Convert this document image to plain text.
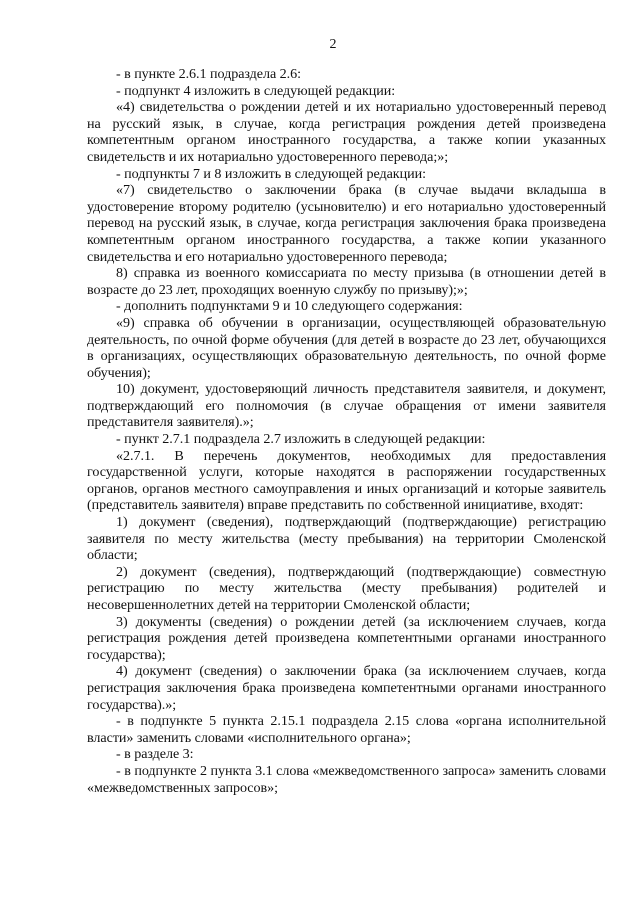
2

- в пункте 2.6.1 подраздела 2.6:

- подпункт 4 изложить в следующей редакции:

«4) свидетельства о рождении детей и их нотариально удостоверенный перевод на русский язык, в случае, когда регистрация рождения детей произведена компетентным органом иностранного государства, а также копии указанных свидетельств и их нотариально удостоверенного перевода;»;

- подпункты 7 и 8 изложить в следующей редакции:

«7) свидетельство о заключении брака (в случае выдачи вкладыша в удостоверение второму родителю (усыновителю) и его нотариально удостоверенный перевод на русский язык, в случае, когда регистрация заключения брака произведена компетентным органом иностранного государства, а также копии указанного свидетельства и его нотариально удостоверенного перевода;

8) справка из военного комиссариата по месту призыва (в отношении детей в возрасте до 23 лет, проходящих военную службу по призыву);»;

- дополнить подпунктами 9 и 10 следующего содержания:

«9) справка об обучении в организации, осуществляющей образовательную деятельность, по очной форме обучения (для детей в возрасте до 23 лет, обучающихся в организациях, осуществляющих образовательную деятельность, по очной форме обучения);

10) документ, удостоверяющий личность представителя заявителя, и документ, подтверждающий его полномочия (в случае обращения от имени заявителя представителя заявителя).»;

- пункт 2.7.1 подраздела 2.7 изложить в следующей редакции:

«2.7.1. В перечень документов, необходимых для предоставления государственной услуги, которые находятся в распоряжении государственных органов, органов местного самоуправления и иных организаций и которые заявитель (представитель заявителя) вправе представить по собственной инициативе, входят:

1) документ (сведения), подтверждающий (подтверждающие) регистрацию заявителя по месту жительства (месту пребывания) на территории Смоленской области;

2) документ (сведения), подтверждающий (подтверждающие) совместную регистрацию по месту жительства (месту пребывания) родителей и несовершеннолетних детей на территории Смоленской области;

3) документы (сведения) о рождении детей (за исключением случаев, когда регистрация рождения детей произведена компетентными органами иностранного государства);

4) документ (сведения) о заключении брака (за исключением случаев, когда регистрация заключения брака произведена компетентными органами иностранного государства).»;

- в подпункте 5 пункта 2.15.1 подраздела 2.15 слова «органа исполнительной власти» заменить словами «исполнительного органа»;

- в разделе 3:

- в подпункте 2 пункта 3.1 слова «межведомственного запроса» заменить словами «межведомственных запросов»;
